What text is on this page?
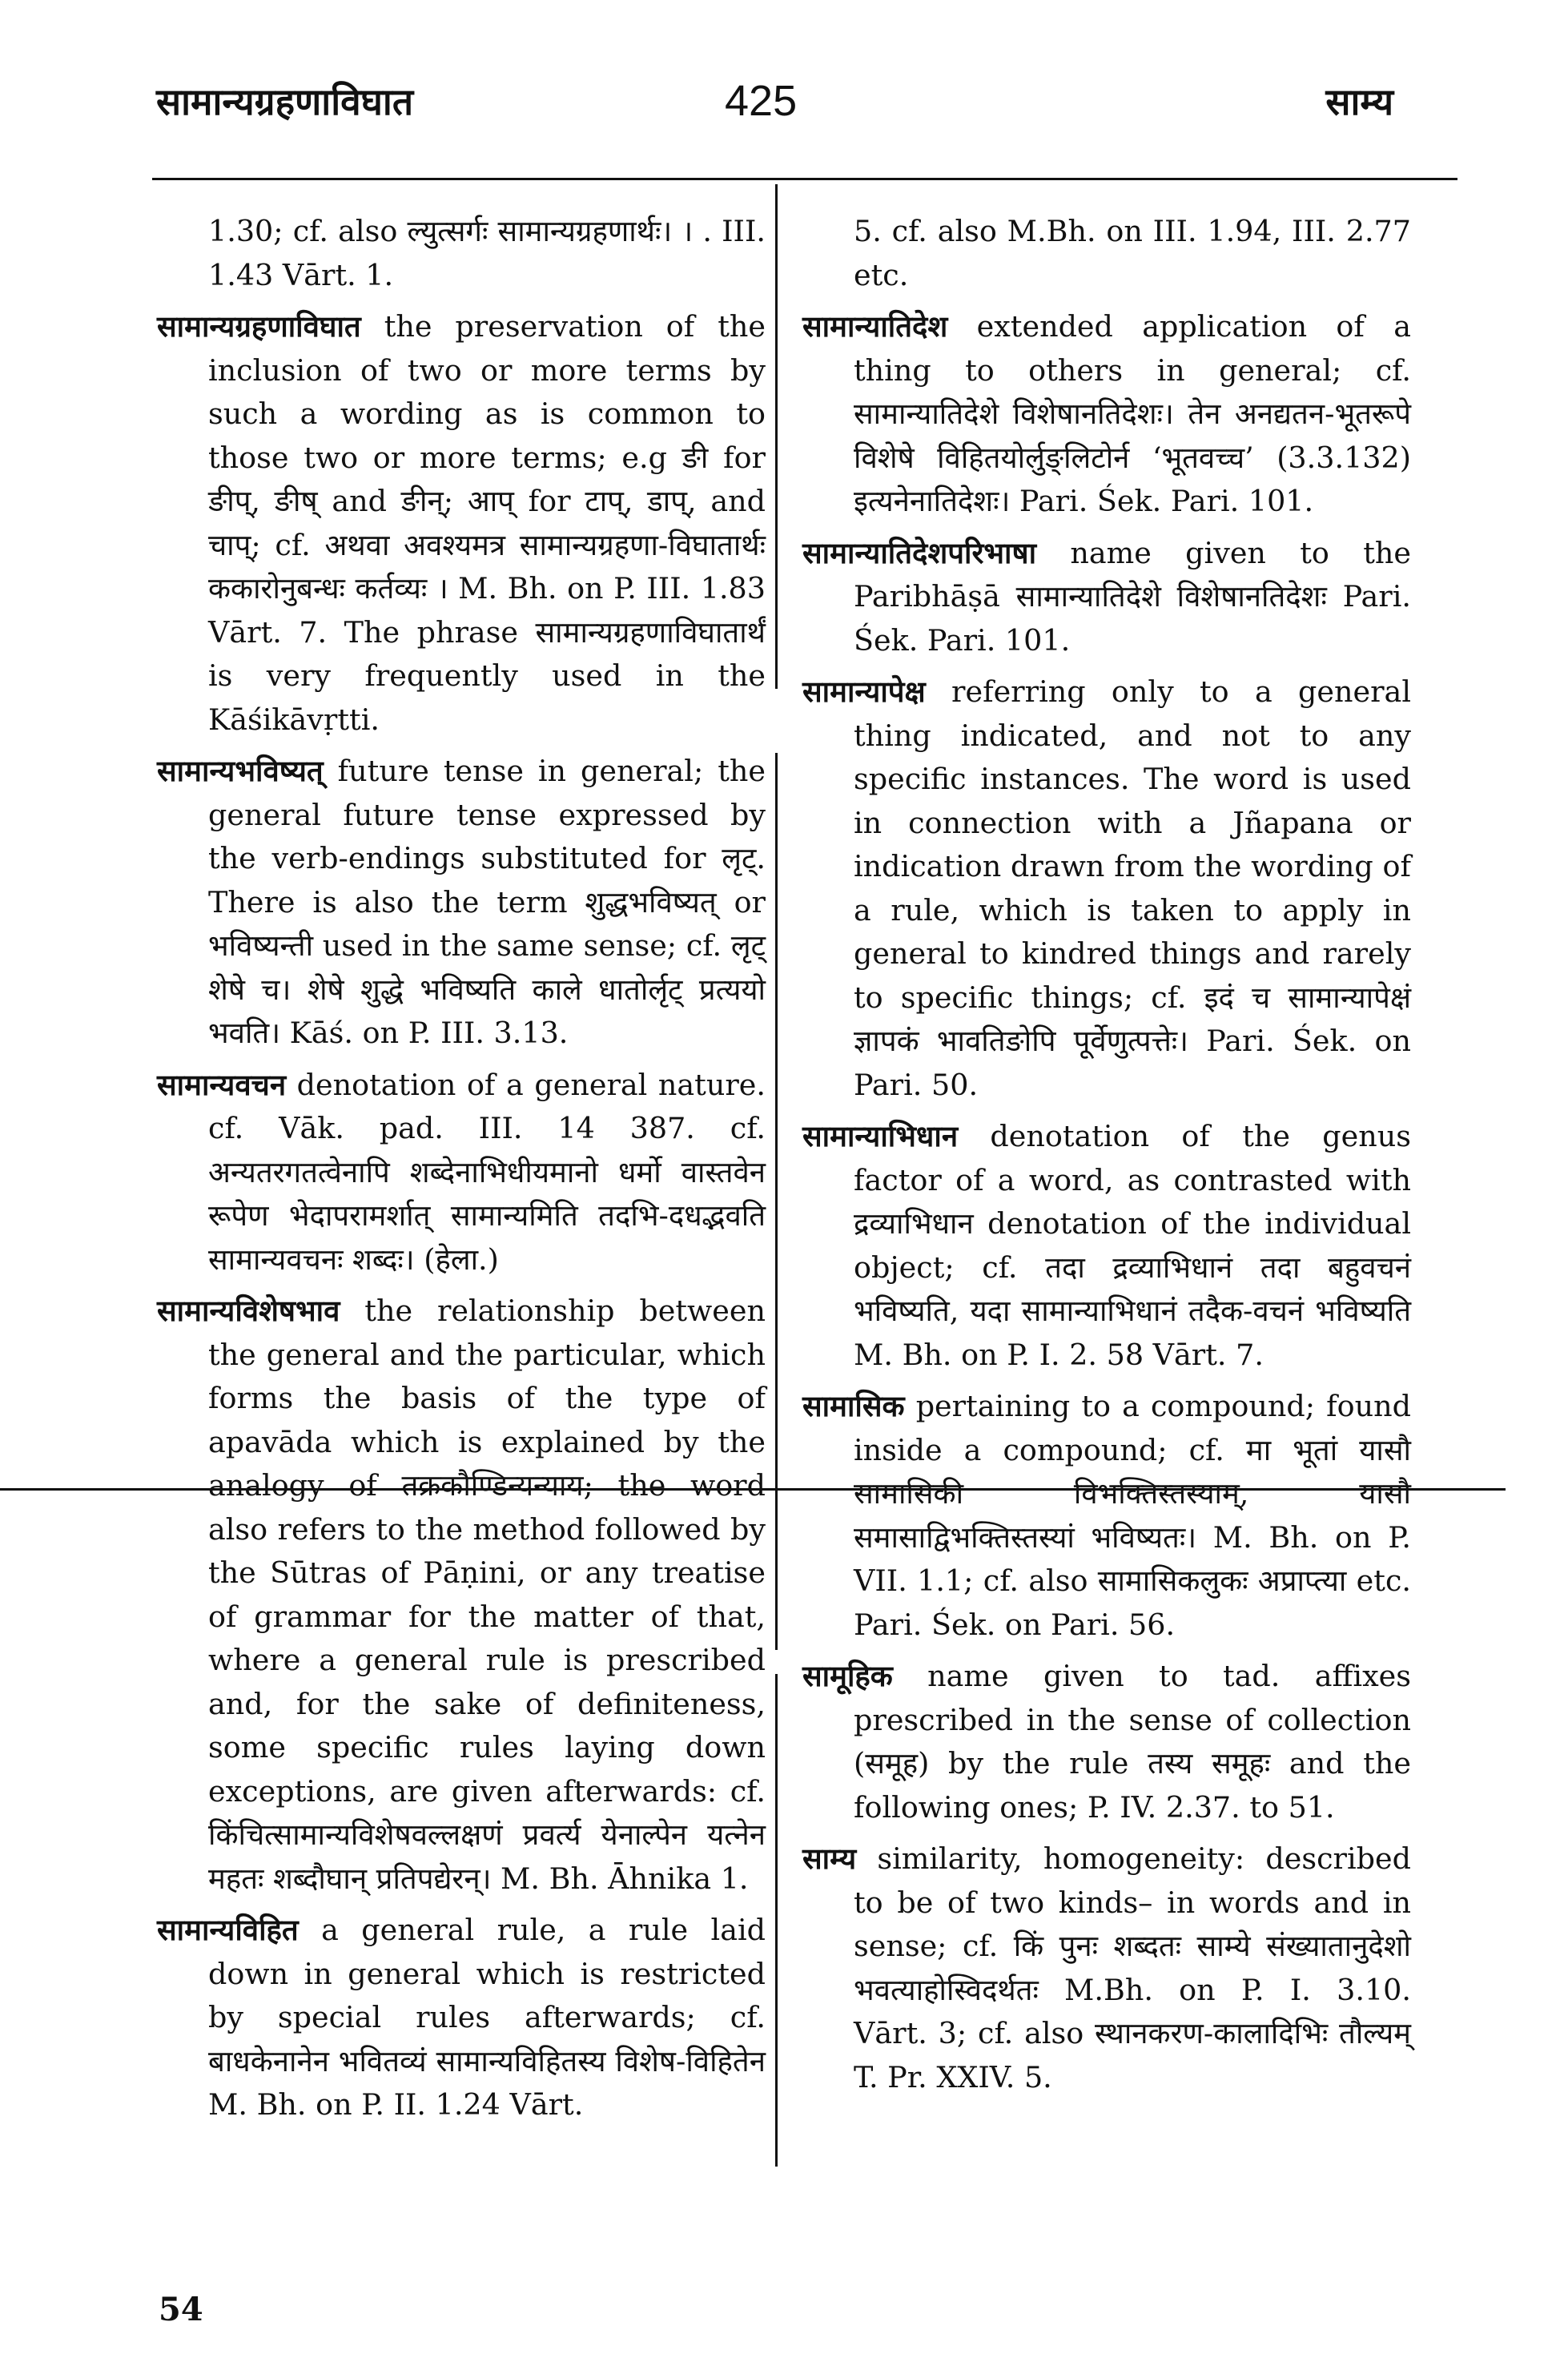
सामान्यग्रहणाविघात	425	साम्य

1.30; cf. also ल्युत्सर्गः सामान्यग्रहणार्थः। । . III. 1.43 Vārt. 1.

सामान्यग्रहणाविघात the preservation of the inclusion of two or more terms by such a wording as is common to those two or more terms; e.g ङी for ङीप्, ङीष् and ङीन्; आप् for टाप्, डाप्, and चाप्; cf. अथवा अवश्यमत्र सामान्यग्रहणा-विघातार्थः ककारोनुबन्धः कर्तव्यः । M. Bh. on P. III. 1.83 Vārt. 7. The phrase सामान्यग्रहणाविघातार्थं is very frequently used in the Kāśikāvṛtti.

सामान्यभविष्यत् future tense in general; the general future tense expressed by the verb-endings substituted for लृट्. There is also the term शुद्धभविष्यत् or भविष्यन्ती used in the same sense; cf. लृट् शेषे च। शेषे शुद्धे भविष्यति काले धातोर्लृट् प्रत्ययो भवति। Kāś. on P. III. 3.13.

सामान्यवचन denotation of a general nature. cf. Vāk. pad. III. 14 387. cf. अन्यतरगतत्वेनापि शब्देनाभिधीयमानो धर्मो वास्तवेन रूपेण भेदापरामर्शात् सामान्यमिति तदभि-दधद्भवति सामान्यवचनः शब्दः। (हेला.)

सामान्यविशेषभाव the relationship between the general and the particular, which forms the basis of the type of apavāda which is explained by the analogy of तक्रकौण्डिन्यन्याय; the word also refers to the method followed by the Sūtras of Pāṇini, or any treatise of grammar for the matter of that, where a general rule is prescribed and, for the sake of definiteness, some specific rules laying down exceptions, are given afterwards: cf. किंचित्सामान्यविशेषवल्लक्षणं प्रवर्त्य येनाल्पेन यत्नेन महतः शब्दौघान् प्रतिपद्येरन्। M. Bh. Āhnika 1.

सामान्यविहित a general rule, a rule laid down in general which is restricted by special rules afterwards; cf. बाधकेनानेन भवितव्यं सामान्यविहितस्य विशेष-विहितेन M. Bh. on P. II. 1.24 Vārt.

5. cf. also M.Bh. on III. 1.94, III. 2.77 etc.

सामान्यातिदेश extended application of a thing to others in general; cf. सामान्यातिदेशे विशेषानतिदेशः। तेन अनद्यतन-भूतरूपे विशेषे विहितयोर्लुङ्लिटोर्न ‘भूतवच्च’ (3.3.132) इत्यनेनातिदेशः। Pari. Śek. Pari. 101.

सामान्यातिदेशपरिभाषा name given to the Paribhāṣā सामान्यातिदेशे विशेषानतिदेशः Pari. Śek. Pari. 101.

सामान्यापेक्ष referring only to a general thing indicated, and not to any specific instances. The word is used in connection with a Jñapana or indication drawn from the wording of a rule, which is taken to apply in general to kindred things and rarely to specific things; cf. इदं च सामान्यापेक्षं ज्ञापकं भावतिङोपि पूर्वेणुत्पत्तेः। Pari. Śek. on Pari. 50.

सामान्याभिधान denotation of the genus factor of a word, as contrasted with द्रव्याभिधान denotation of the individual object; cf. तदा द्रव्याभिधानं तदा बहुवचनं भविष्यति, यदा सामान्याभिधानं तदैक-वचनं भविष्यति M. Bh. on P. I. 2. 58 Vārt. 7.

सामासिक pertaining to a compound; found inside a compound; cf. मा भूतां यासौ सामासिकी विभक्तिस्तस्याम्, यासौ समासाद्विभक्तिस्तस्यां भविष्यतः। M. Bh. on P. VII. 1.1; cf. also सामासिकलुकः अप्राप्त्या etc. Pari. Śek. on Pari. 56.

सामूहिक name given to tad. affixes prescribed in the sense of collection (समूह) by the rule तस्य समूहः and the following ones; P. IV. 2.37. to 51.

साम्य similarity, homogeneity: described to be of two kinds– in words and in sense; cf. किं पुनः शब्दतः साम्ये संख्यातानुदेशो भवत्याहोस्विदर्थतः M.Bh. on P. I. 3.10. Vārt. 3; cf. also स्थानकरण-कालादिभिः तौल्यम् T. Pr. XXIV. 5.

54
